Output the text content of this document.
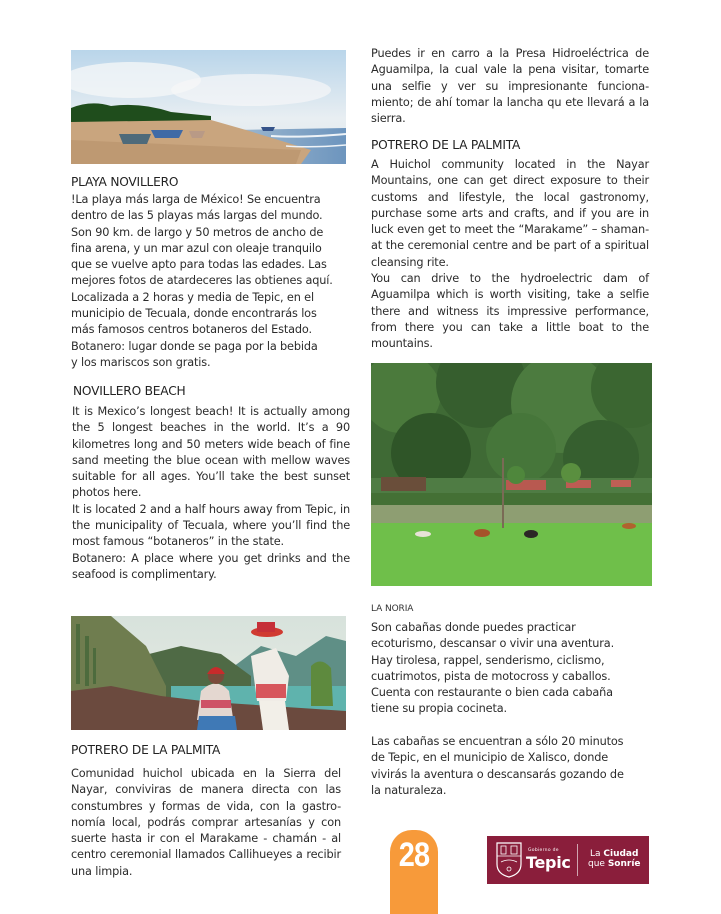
PLAYA NOVILLERO
!La playa más larga de México! Se encuentra
dentro de las 5 playas más largas del mundo.
Son 90 km. de largo y 50 metros de ancho de
fina arena, y un mar azul con oleaje tranquilo
que se vuelve apto para todas las edades. Las
mejores fotos de atardeceres las obtienes aquí.
Localizada a 2 horas y media de Tepic, en el
municipio de Tecuala, donde encontrarás los
más famosos centros botaneros del Estado.
Botanero: lugar donde se paga por la bebida
y los mariscos son gratis.
NOVILLERO BEACH
It is Mexico’s longest beach! It is actually among the 5 longest beaches in the world. It’s a 90 kilometres long and 50 meters wide beach of fine sand meeting the blue ocean with mellow waves suitable for all ages. You’ll take the best sunset photos here.
It is located 2 and a half hours away from Tepic, in the municipality of Tecuala, where you’ll find the most famous “botaneros” in the state.
Botanero: A place where you get drinks and the seafood is complimentary.
POTRERO DE LA PALMITA
Comunidad huichol ubicada en la Sierra del Nayar, conviviras de manera directa con las constumbres y formas de vida, con la gastro-nomía local, podrás comprar artesanías y con suerte hasta ir con el Marakame - chamán - al centro ceremonial llamados Callihueyes a recibir una limpia.
Puedes ir en carro a la Presa Hidroeléctrica de Aguamilpa, la cual vale la pena visitar, tomarte una selfie y ver su impresionante funciona-miento; de ahí tomar la lancha qu ete llevará a la sierra.
POTRERO DE LA PALMITA
A Huichol community located in the Nayar Mountains, one can get direct exposure to their customs and lifestyle, the local gastronomy, purchase some arts and crafts, and if you are in luck even get to meet the “Marakame” – shaman- at the ceremonial centre and be part of a spiritual cleansing rite.
You can drive to the hydroelectric dam of Aguamilpa which is worth visiting, take a selfie there and witness its impressive performance, from there you can take a little boat to the mountains.
LA NORIA
Son cabañas donde puedes practicar
ecoturismo, descansar o vivir una aventura.
Hay tirolesa, rappel, senderismo, ciclismo,
cuatrimotos, pista de motocross y caballos.
Cuenta con restaurante o bien cada cabaña
tiene su propia cocineta.
Las cabañas se encuentran a sólo 20 minutos
de Tepic, en el municipio de Xalisco, donde
vivirás la aventura o descansarás gozando de
la naturaleza.
28	Gobierno de
Tepic La Ciudad
que Sonríe
